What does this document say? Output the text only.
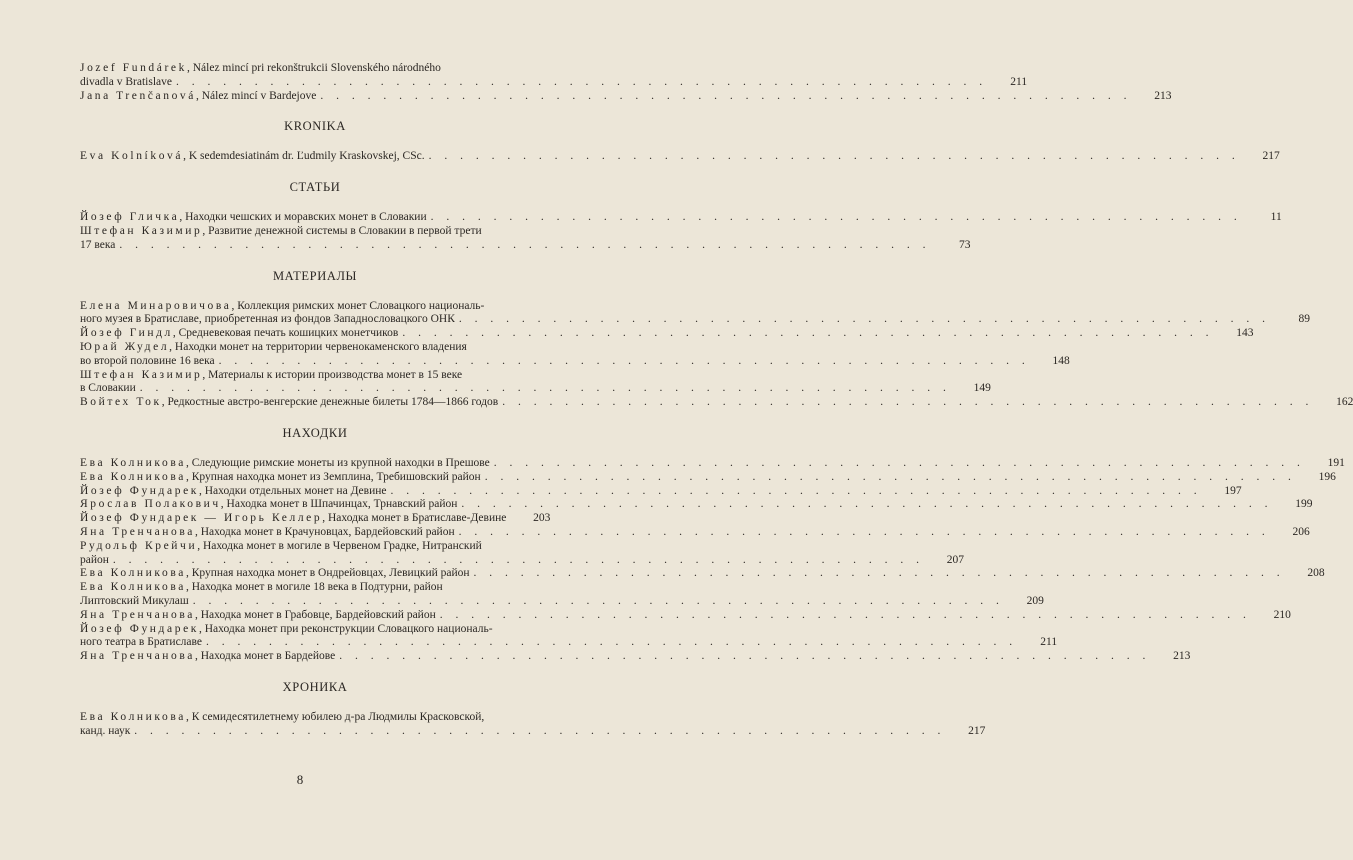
Jozef Fundárek, Nález mincí pri rekonštrukcii Slovenského národného
divadla v Bratislave . . . . . . . . . . . . . . . . . . . . . . . . . . . . . . . . . . . . . . . . . . . . . . . . . . . .	211
Jana Trenčanová, Nález mincí v Bardejove . . . . . . . . . . . . . . . . . . . . . . . . . . . . . . . . . . . . . . . . . . . . . . . . . . . .	213
KRONIKA
Eva Kolníková, K sedemdesiatinám dr. Ľudmily Kraskovskej, CSc. . . . . . . . . . . . . . . . . . . . . . . . . . . . . . . . . . . . . . . . . . . . . . . . . . . . .	217
СТАТЬИ
Йозеф Гличка, Находки чешских и моравских монет в Словакии . . . . . . . . . . . . . . . . . . . . . . . . . . . . . . . . . . . . . . . . . . . . . . . . . . . .	11
Штефан Казимир, Развитие денежной системы в Словакии в первой трети
17 века . . . . . . . . . . . . . . . . . . . . . . . . . . . . . . . . . . . . . . . . . . . . . . . . . . . .	73
МАТЕРИАЛЫ
Елена Минаровичова, Коллекция римских монет Словацкого националь-
ного музея в Братиславе, приобретенная из фондов Западнословацкого ОНК . . . . . . . . . . . . . . . . . . . . . . . . . . . . . . . . . . . . . . . . . . . . . . . . . . . .	89
Йозеф Гиндл, Средневековая печать кошицких монетчиков . . . . . . . . . . . . . . . . . . . . . . . . . . . . . . . . . . . . . . . . . . . . . . . . . . . .	143
Юрай Жудел, Находки монет на территории червенокаменского владения
во второй половине 16 века . . . . . . . . . . . . . . . . . . . . . . . . . . . . . . . . . . . . . . . . . . . . . . . . . . . .	148
Штефан Казимир, Материалы к истории производства монет в 15 веке
в Словакии . . . . . . . . . . . . . . . . . . . . . . . . . . . . . . . . . . . . . . . . . . . . . . . . . . . .	149
Войтех Ток, Редкостные австро-венгерские денежные билеты 1784—1866 годов . . . . . . . . . . . . . . . . . . . . . . . . . . . . . . . . . . . . . . . . . . . . . . . . . . . .	162
НАХОДКИ
Ева Колникова, Следующие римские монеты из крупной находки в Прешове . . . . . . . . . . . . . . . . . . . . . . . . . . . . . . . . . . . . . . . . . . . . . . . . . . . .	191
Ева Колникова, Крупная находка монет из Земплина, Требишовский район . . . . . . . . . . . . . . . . . . . . . . . . . . . . . . . . . . . . . . . . . . . . . . . . . . . .	196
Йозеф Фундарек, Находки отдельных монет на Девине . . . . . . . . . . . . . . . . . . . . . . . . . . . . . . . . . . . . . . . . . . . . . . . . . . . .	197
Ярослав Полакович, Находка монет в Шпачинцах, Трнавский район . . . . . . . . . . . . . . . . . . . . . . . . . . . . . . . . . . . . . . . . . . . . . . . . . . . .	199
Йозеф Фундарек — Игорь Келлер, Находка монет в Братиславе-Девине	203
Яна Тренчанова, Находка монет в Крачуновцах, Бардейовский район . . . . . . . . . . . . . . . . . . . . . . . . . . . . . . . . . . . . . . . . . . . . . . . . . . . .	206
Рудольф Крейчи, Находка монет в могиле в Червеном Градке, Нитранский
район . . . . . . . . . . . . . . . . . . . . . . . . . . . . . . . . . . . . . . . . . . . . . . . . . . . .	207
Ева Колникова, Крупная находка монет в Ондрейовцах, Левицкий район . . . . . . . . . . . . . . . . . . . . . . . . . . . . . . . . . . . . . . . . . . . . . . . . . . . .	208
Ева Колникова, Находка монет в могиле 18 века в Подтурни, район
Липтовский Микулаш . . . . . . . . . . . . . . . . . . . . . . . . . . . . . . . . . . . . . . . . . . . . . . . . . . . .	209
Яна Тренчанова, Находка монет в Грабовце, Бардейовский район . . . . . . . . . . . . . . . . . . . . . . . . . . . . . . . . . . . . . . . . . . . . . . . . . . . .	210
Йозеф Фундарек, Находка монет при реконструкции Словацкого националь-
ного театра в Братиславе . . . . . . . . . . . . . . . . . . . . . . . . . . . . . . . . . . . . . . . . . . . . . . . . . . . .	211
Яна Тренчанова, Находка монет в Бардейове . . . . . . . . . . . . . . . . . . . . . . . . . . . . . . . . . . . . . . . . . . . . . . . . . . . .	213
ХРОНИКА
Ева Колникова, К семидесятилетнему юбилею д-ра Людмилы Красковской,
канд. наук . . . . . . . . . . . . . . . . . . . . . . . . . . . . . . . . . . . . . . . . . . . . . . . . . . . .	217
8
